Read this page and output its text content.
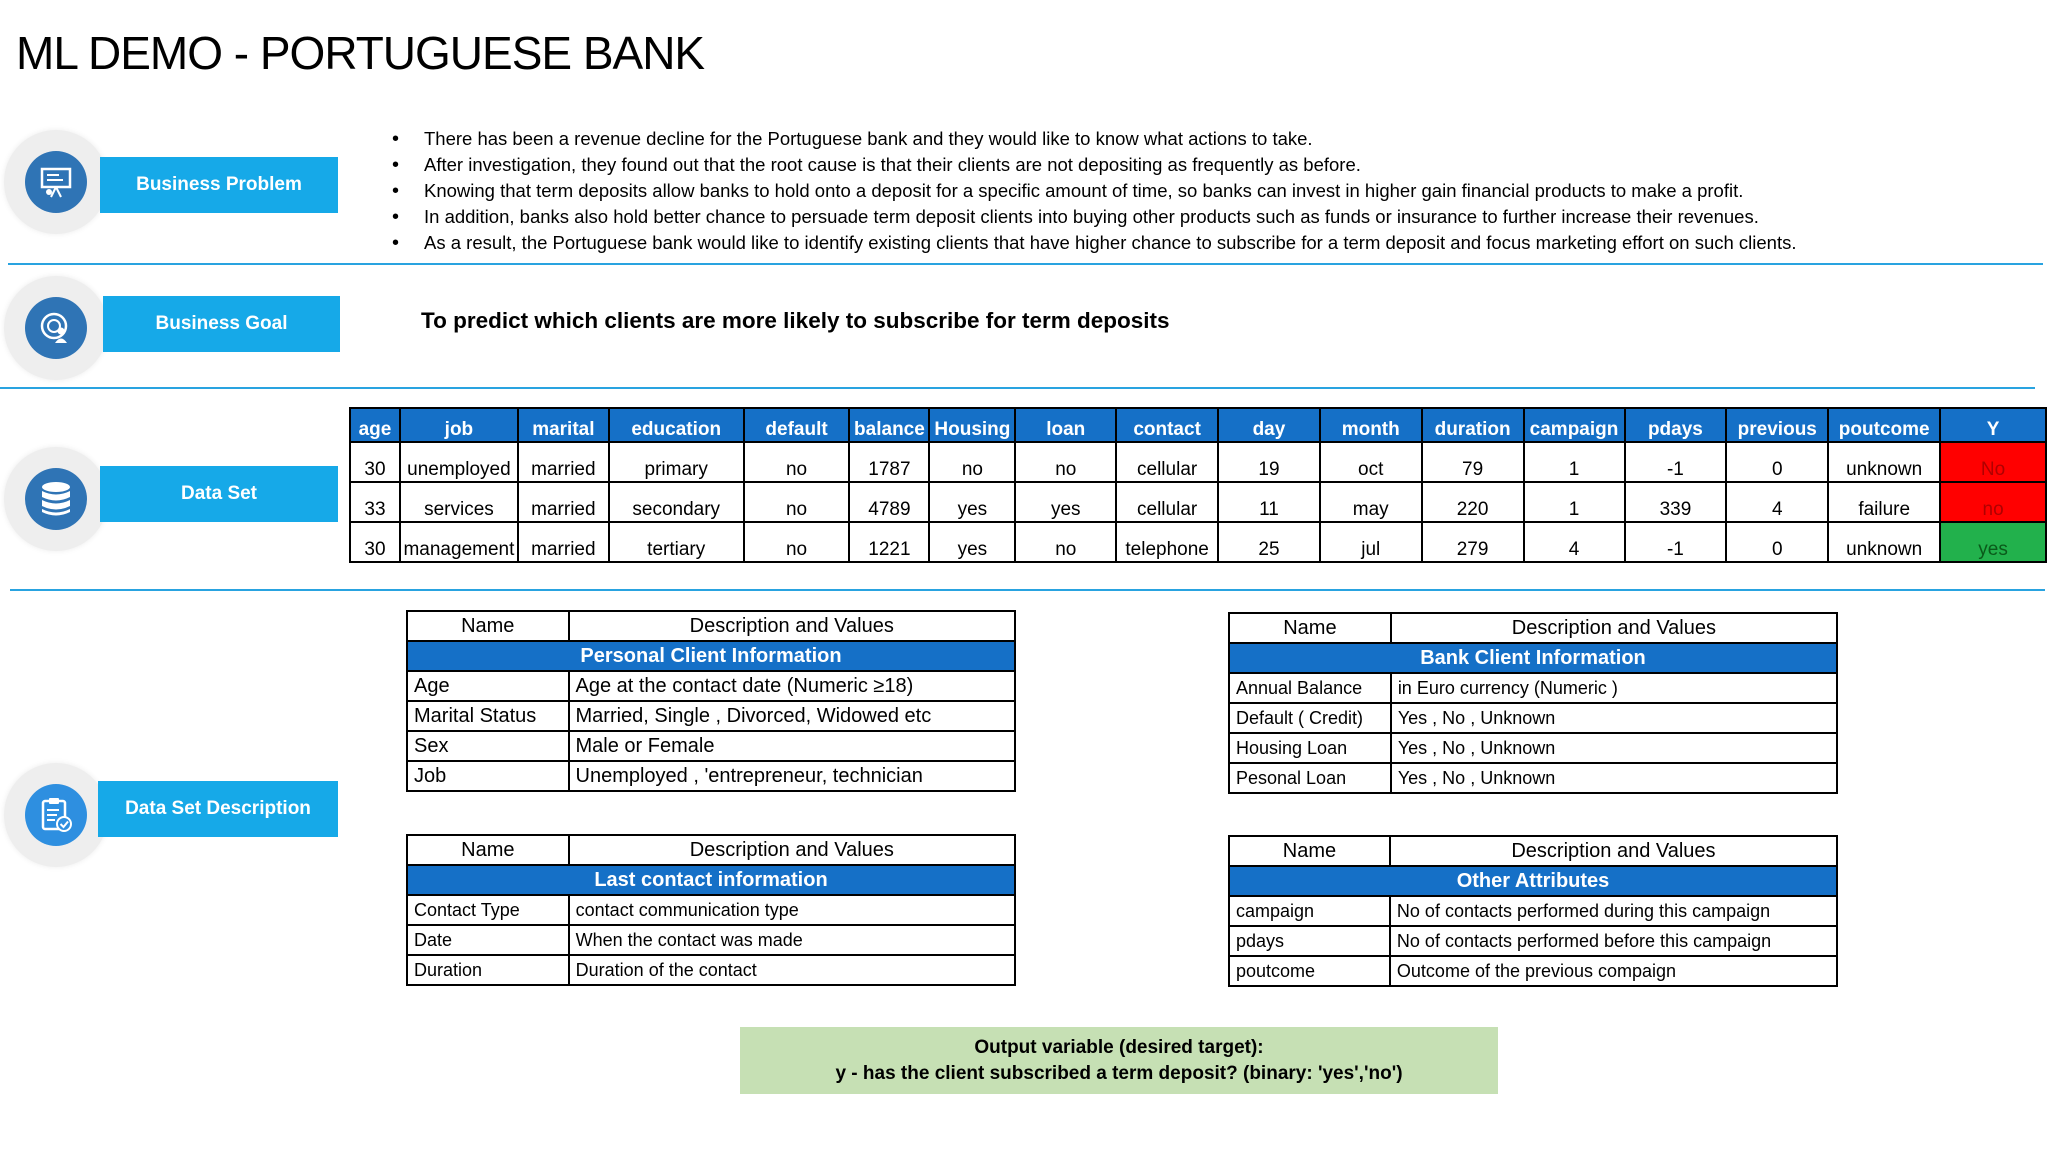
ML DEMO - PORTUGUESE BANK
Business Problem
• There has been a revenue decline for the Portuguese bank and they would like to know what actions to take.
• After investigation, they found out that the root cause is that their clients are not depositing as frequently as before.
• Knowing that term deposits allow banks to hold onto a deposit for a specific amount of time, so banks can invest in higher gain financial products to make a profit.
• In addition, banks also hold better chance to persuade term deposit clients into buying other products such as funds or insurance to further increase their revenues.
• As a result, the Portuguese bank would like to identify existing clients that have higher chance to subscribe for a term deposit and focus marketing effort on such clients.
Business Goal	To predict which clients are more likely to subscribe for term deposits
Data Set
age	job	marital	education	default	balance	Housing	loan	contact	day	month	duration	campaign	pdays	previous	poutcome	Y
30	unemployed	married	primary	no	1787	no	no	cellular	19	oct	79	1	-1	0	unknown	No
33	services	married	secondary	no	4789	yes	yes	cellular	11	may	220	1	339	4	failure	no
30	management	married	tertiary	no	1221	yes	no	telephone	25	jul	279	4	-1	0	unknown	yes
Data Set Description
Name	Description and Values
Personal Client Information	
Age	Age at the contact date (Numeric ≥18)
Marital Status	Married, Single , Divorced, Widowed etc
Sex	Male or Female
Job	Unemployed , 'entrepreneur, technician
Name	Description and Values
Bank Client Information	
Annual Balance	in Euro currency (Numeric )
Default ( Credit)	Yes , No , Unknown
Housing Loan	Yes , No , Unknown
Pesonal Loan	Yes , No , Unknown
Name	Description and Values
Last contact information	
Contact Type	contact communication type
Date	When the contact was made
Duration	Duration of the contact
Name	Description and Values
Other Attributes	
campaign	No of contacts performed during this campaign
pdays	No of contacts performed before this campaign
poutcome	Outcome of the previous compaign
Output variable (desired target):
y - has the client subscribed a term deposit? (binary: 'yes','no')
